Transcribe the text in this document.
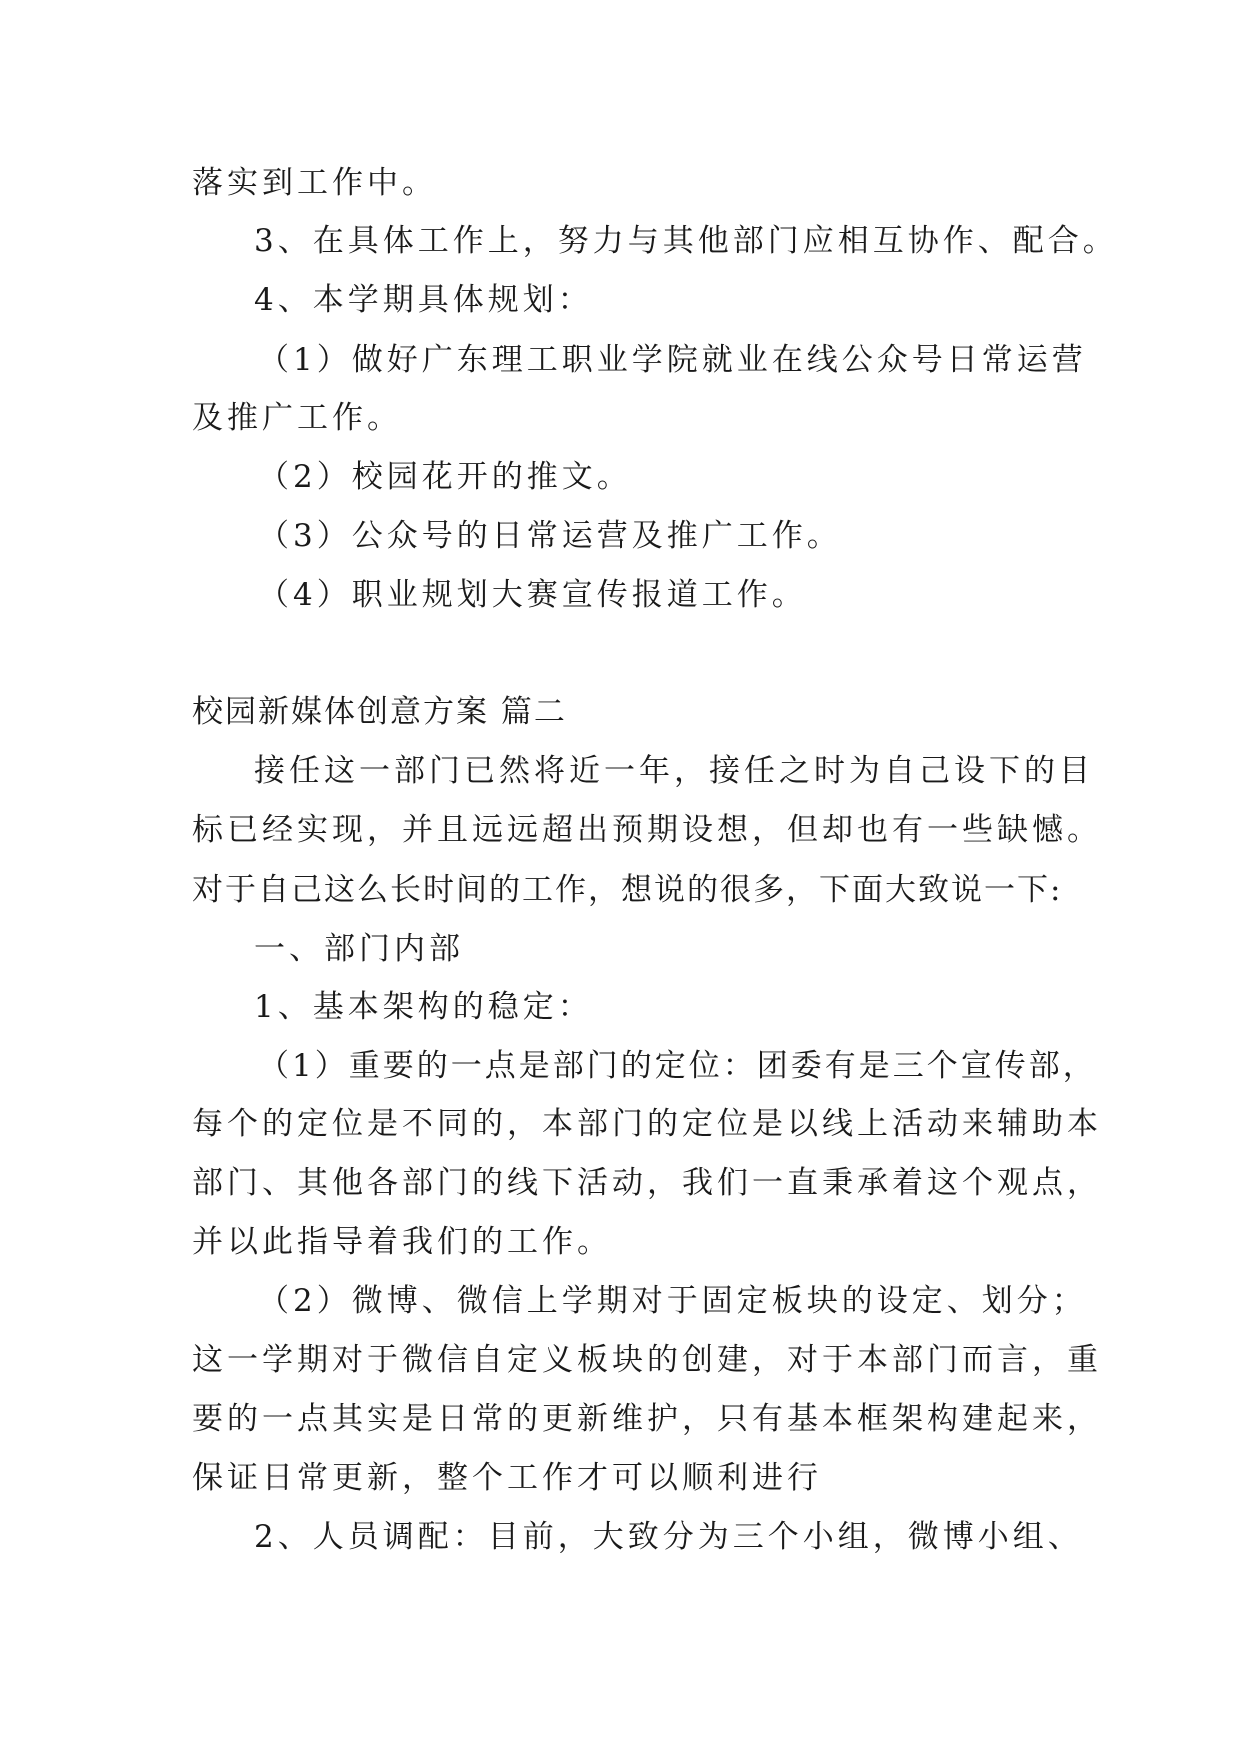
落实到工作中。

3、在具体工作上，努力与其他部门应相互协作、配合。

4、本学期具体规划：

（1）做好广东理工职业学院就业在线公众号日常运营

及推广工作。

（2）校园花开的推文。

（3）公众号的日常运营及推广工作。

（4）职业规划大赛宣传报道工作。

校园新媒体创意方案 篇二

接任这一部门已然将近一年，接任之时为自己设下的目

标已经实现，并且远远超出预期设想，但却也有一些缺憾。

对于自己这么长时间的工作，想说的很多，下面大致说一下:

一、部门内部

1、基本架构的稳定：

（1）重要的一点是部门的定位：团委有是三个宣传部，

每个的定位是不同的，本部门的定位是以线上活动来辅助本

部门、其他各部门的线下活动，我们一直秉承着这个观点，

并以此指导着我们的工作。

（2）微博、微信上学期对于固定板块的设定、划分；

这一学期对于微信自定义板块的创建，对于本部门而言，重

要的一点其实是日常的更新维护，只有基本框架构建起来，

保证日常更新，整个工作才可以顺利进行

2、人员调配：目前，大致分为三个小组，微博小组、
